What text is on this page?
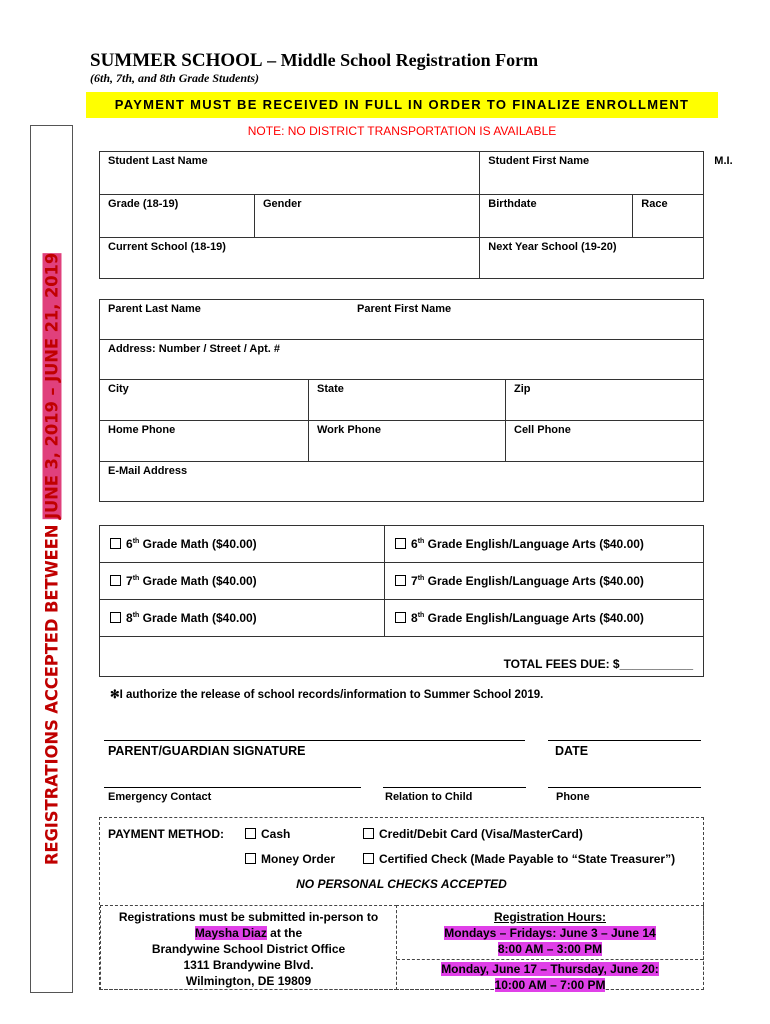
REGISTRATIONS ACCEPTED BETWEEN JUNE 3, 2019 – JUNE 21, 2019
SUMMER SCHOOL – Middle School Registration Form
(6th, 7th, and 8th Grade Students)
PAYMENT MUST BE RECEIVED IN FULL IN ORDER TO FINALIZE ENROLLMENT
NOTE: NO DISTRICT TRANSPORTATION IS AVAILABLE
Student Last Name		Student First Name M.I.	

Grade (18-19)	Gender	Birthdate	Race
Current School (18-19)		Next Year School (19-20)	
Parent Last Name Parent First Name		

Address: Number / Street / Apt. #		
City	State	Zip
Home Phone	Work Phone	Cell Phone
E-Mail Address		
6th Grade Math ($40.00)	6th Grade English/Language Arts ($40.00)
7th Grade Math ($40.00)	7th Grade English/Language Arts ($40.00)
8th Grade Math ($40.00)	8th Grade English/Language Arts ($40.00)
TOTAL FEES DUE: $___________	
✻I authorize the release of school records/information to Summer School 2019.
PARENT/GUARDIAN SIGNATURE	DATE
Emergency Contact	Relation to Child	Phone
PAYMENT METHOD:	Cash	Credit/Debit Card (Visa/MasterCard)
Money Order	Certified Check (Made Payable to “State Treasurer”)
NO PERSONAL CHECKS ACCEPTED
Registrations must be submitted in-person to
Maysha Diaz at the
Brandywine School District Office
1311 Brandywine Blvd.
Wilmington, DE 19809
Registration Hours:
Mondays – Fridays: June 3 – June 14
8:00 AM – 3:00 PM
Monday, June 17 – Thursday, June 20:
10:00 AM – 7:00 PM
